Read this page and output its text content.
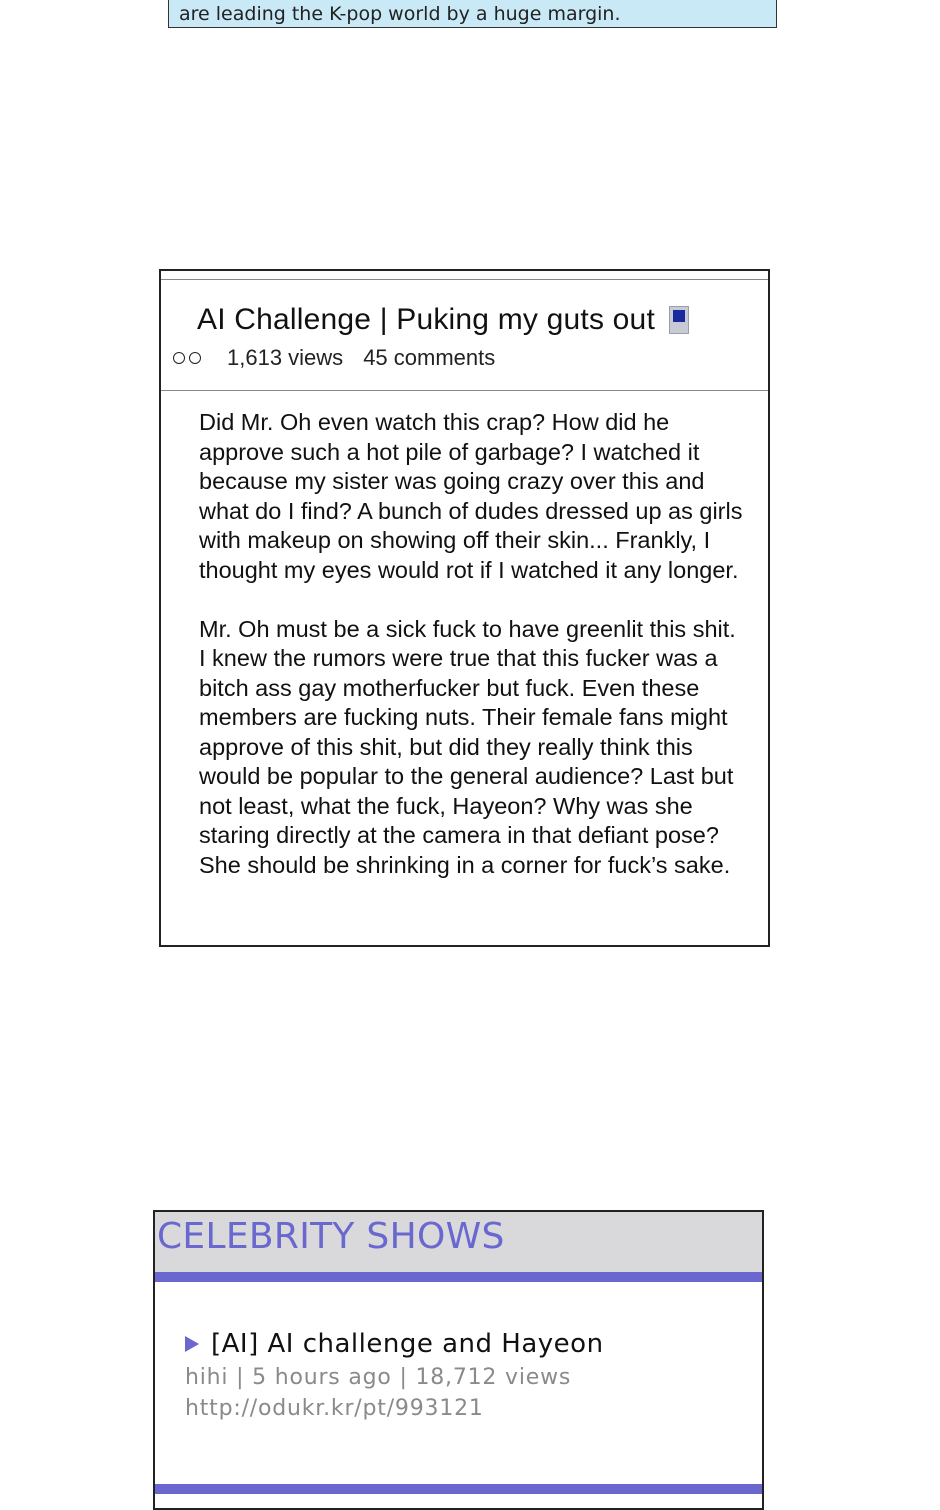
are leading the K-pop world by a huge margin.
AI Challenge | Puking my guts out
1,613 views 45 comments

Did Mr. Oh even watch this crap? How did he approve such a hot pile of garbage? I watched it because my sister was going crazy over this and what do I find? A bunch of dudes dressed up as girls with makeup on showing off their skin... Frankly, I thought my eyes would rot if I watched it any longer.

Mr. Oh must be a sick fuck to have greenlit this shit. I knew the rumors were true that this fucker was a bitch ass gay motherfucker but fuck. Even these members are fucking nuts. Their female fans might approve of this shit, but did they really think this would be popular to the general audience? Last but not least, what the fuck, Hayeon? Why was she staring directly at the camera in that defiant pose? She should be shrinking in a corner for fuck’s sake.

CELEBRITY SHOWS
[AI] AI challenge and Hayeon
hihi | 5 hours ago | 18,712 views
http://odukr.kr/pt/993121
